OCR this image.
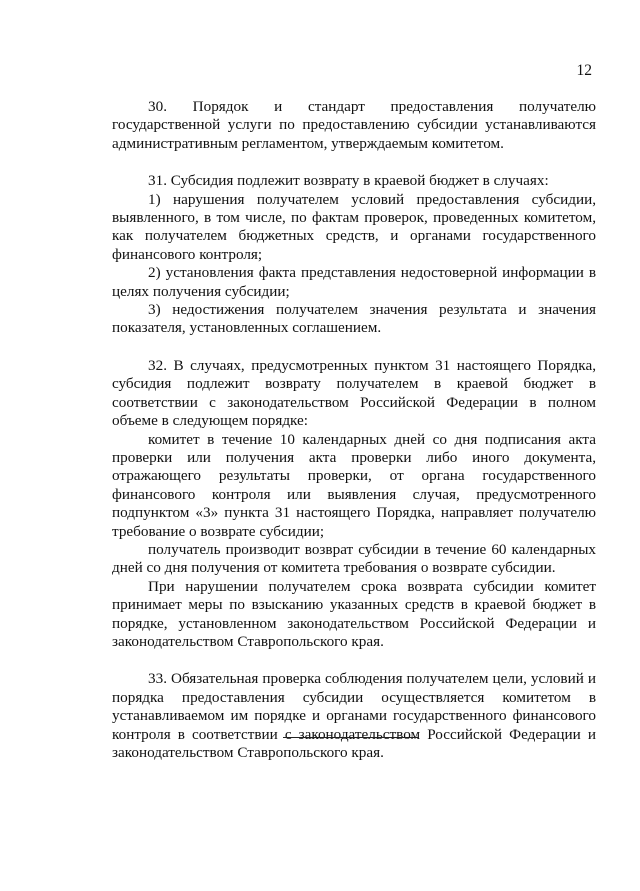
12

30. Порядок и стандарт предоставления получателю государственной услуги по предоставлению субсидии устанавливаются административным регламентом, утверждаемым комитетом.

31. Субсидия подлежит возврату в краевой бюджет в случаях:

1) нарушения получателем условий предоставления субсидии, выявленного, в том числе, по фактам проверок, проведенных комитетом, как получателем бюджетных средств, и органами государственного финансового контроля;

2) установления факта представления недостоверной информации в целях получения субсидии;

3) недостижения получателем значения результата и значения показателя, установленных соглашением.

32. В случаях, предусмотренных пунктом 31 настоящего Порядка, субсидия подлежит возврату получателем в краевой бюджет в соответствии с законодательством Российской Федерации в полном объеме в следующем порядке:

комитет в течение 10 календарных дней со дня подписания акта проверки или получения акта проверки либо иного документа, отражающего результаты проверки, от органа государственного финансового контроля или выявления случая, предусмотренного подпунктом «3» пункта 31 настоящего Порядка, направляет получателю требование о возврате субсидии;

получатель производит возврат субсидии в течение 60 календарных дней со дня получения от комитета требования о возврате субсидии.

При нарушении получателем срока возврата субсидии комитет принимает меры по взысканию указанных средств в краевой бюджет в порядке, установленном законодательством Российской Федерации и законодательством Ставропольского края.

33. Обязательная проверка соблюдения получателем цели, условий и порядка предоставления субсидии осуществляется комитетом в устанавливаемом им порядке и органами государственного финансового контроля в соответствии с законодательством Российской Федерации и законодательством Ставропольского края.
